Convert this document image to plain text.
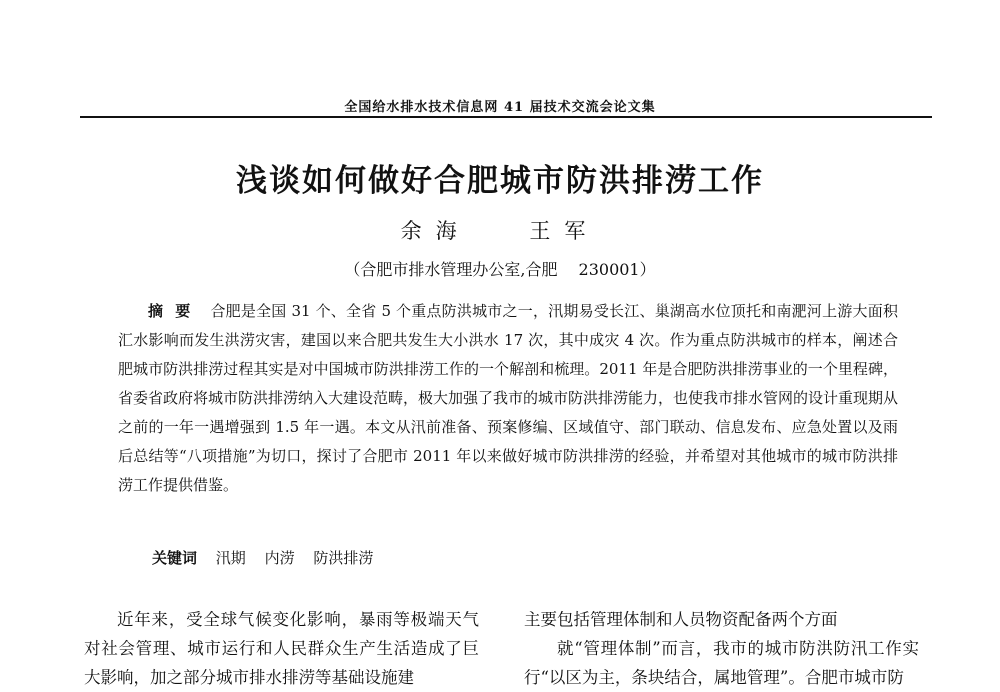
全国给水排水技术信息网 41 届技术交流会论文集
浅谈如何做好合肥城市防洪排涝工作
余海	王军
（合肥市排水管理办公室,合肥　 230001）
摘要 合肥是全国 31 个、全省 5 个重点防洪城市之一，汛期易受长江、巢湖高水位顶托和南淝河上游大面积汇水影响而发生洪涝灾害，建国以来合肥共发生大小洪水 17 次，其中成灾 4 次。作为重点防洪城市的样本，阐述合肥城市防洪排涝过程其实是对中国城市防洪排涝工作的一个解剖和梳理。2011 年是合肥防洪排涝事业的一个里程碑，省委省政府将城市防洪排涝纳入大建设范畴，极大加强了我市的城市防洪排涝能力，也使我市排水管网的设计重现期从之前的一年一遇增强到 1.5 年一遇。本文从汛前准备、预案修编、区域值守、部门联动、信息发布、应急处置以及雨后总结等“八项措施”为切口，探讨了合肥市 2011 年以来做好城市防洪排涝的经验，并希望对其他城市的城市防洪排涝工作提供借鉴。
关键词 汛期 内涝 防洪排涝
近年来，受全球气候变化影响，暴雨等极端天气对社会管理、城市运行和人民群众生产生活造成了巨大影响，加之部分城市排水排涝等基础设施建

主要包括管理体制和人员物资配备两个方面

就“管理体制”而言，我市的城市防洪防汛工作实行“以区为主，条块结合，属地管理”。合肥市城市防
